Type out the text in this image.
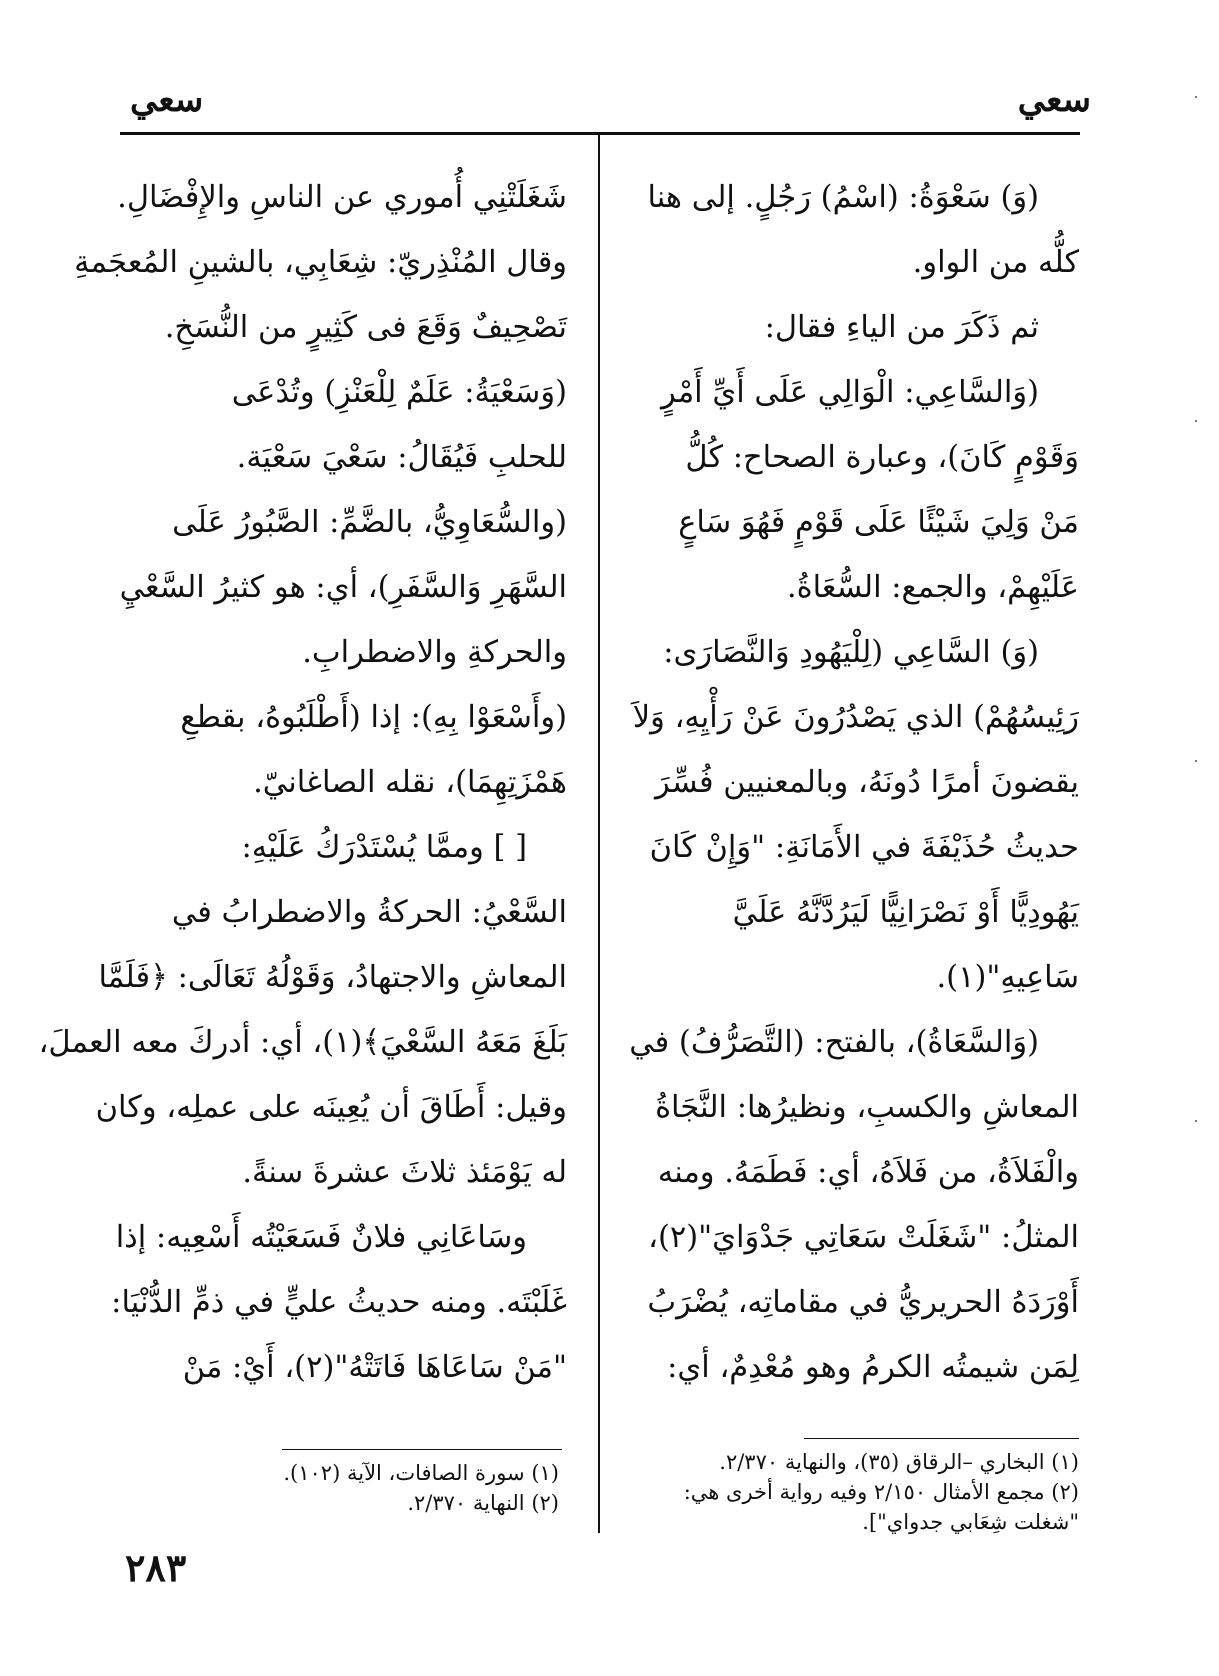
سعي
سعي
(وَ) سَعْوَةُ: (اسْمُ) رَجُلٍ. إلى هنا
كلُّه من الواو.
ثم ذَكَرَ من الياءِ فقال:
(وَالسَّاعِي: الْوَالِي عَلَى أَيِّ أَمْرٍ
وَقَوْمٍ كَانَ)، وعبارة الصحاح: كُلُّ
مَنْ وَلِيَ شَيْئًا عَلَى قَوْمٍ فَهُوَ سَاعٍ
عَلَيْهِمْ، والجمع: السُّعَاةُ.
(وَ) السَّاعِي (لِلْيَهُودِ وَالنَّصَارَى:
رَئِيسُهُمْ) الذي يَصْدُرُونَ عَنْ رَأْيِهِ، وَلاَ
يقضونَ أمرًا دُونَهُ، وبالمعنيين فُسِّرَ
حديثُ حُذَيْفَةَ في الأَمَانَةِ: "وَإِنْ كَانَ
يَهُودِيًّا أَوْ نَصْرَانِيًّا لَيَرُدَّنَّهُ عَلَيَّ
سَاعِيهِ"(١).
(وَالسَّعَاةُ)، بالفتح: (التَّصَرُّفُ) في
المعاشِ والكسبِ، ونظيرُها: النَّجَاةُ
والْفَلاَةُ، من فَلاَهُ، أي: فَطَمَهُ. ومنه
المثلُ: "شَغَلَتْ سَعَاتِي جَدْوَايَ"(٢)،
أَوْرَدَهُ الحريريُّ في مقاماتِه، يُضْرَبُ
لِمَن شيمتُه الكرمُ وهو مُعْدِمٌ، أي:
شَغَلَتْنِي أُموري عن الناسِ والإِفْضَالِ.
وقال المُنْذِريّ: شِعَابِي، بالشينِ المُعجَمةِ
تَصْحِيفٌ وَقَعَ فى كَثِيرٍ من النُّسَخِ.
(وَسَعْيَةُ: عَلَمٌ لِلْعَنْزِ) وتُدْعَى
للحلبِ فَيُقَالُ: سَعْيَ سَعْيَة.
(والسُّعَاوِيُّ، بالضَّمِّ: الصَّبُورُ عَلَى
السَّهَرِ وَالسَّفَرِ)، أي: هو كثيرُ السَّعْيِ
والحركةِ والاضطرابِ.
(وأَسْعَوْا بِهِ): إذا (أَطْلَبُوهُ، بقطعِ
هَمْزَتِهِمَا)، نقله الصاغانيّ.
[ ] وممَّا يُسْتَدْرَكُ عَلَيْهِ:
السَّعْيُ: الحركةُ والاضطرابُ في
المعاشِ والاجتهادُ، وَقَوْلُهُ تَعَالَى: ﴿فَلَمَّا
بَلَغَ مَعَهُ السَّعْيَ﴾(١)، أي: أدركَ معه العملَ،
وقيل: أَطَاقَ أن يُعِينَه على عملِه، وكان
له يَوْمَئذ ثلاثَ عشرةَ سنةً.
وسَاعَانِي فلانٌ فَسَعَيْتُه أَسْعِيه: إذا
غَلَبْتَه. ومنه حديثُ عليٍّ في ذمِّ الدُّنْيَا:
"مَنْ سَاعَاهَا فَاتَتْهُ"(٢)، أَيْ: مَنْ
(١) البخاري –الرقاق (٣٥)، والنهاية ٢/٣٧٠.
(٢) مجمع الأمثال ٢/١٥٠ وفيه رواية أخرى هي:
"شغلت شِعَابي جدواي"].
(١) سورة الصافات، الآية (١٠٢).
(٢) النهاية ٢/٣٧٠.
٢٨٣
